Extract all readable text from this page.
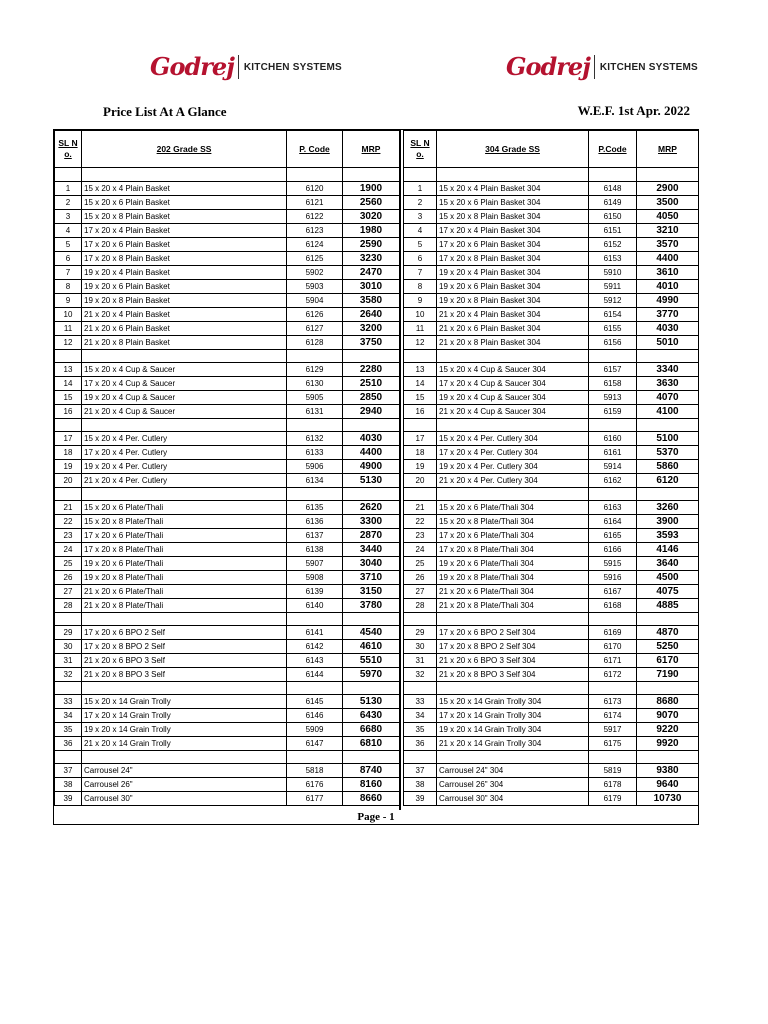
Godrej KITCHEN SYSTEMS	Godrej KITCHEN SYSTEMS
Price List At A Glance	W.E.F. 1st Apr. 2022
SL N o.	202 Grade SS	P. Code	MRP

1	15 x 20 x 4 Plain Basket	6120	1900
2	15 x 20 x 6 Plain Basket	6121	2560
3	15 x 20 x 8 Plain Basket	6122	3020
4	17 x 20 x 4 Plain Basket	6123	1980
5	17 x 20 x 6 Plain Basket	6124	2590
6	17 x 20 x 8 Plain Basket	6125	3230
7	19 x 20 x 4 Plain Basket	5902	2470
8	19 x 20 x 6 Plain Basket	5903	3010
9	19 x 20 x 8 Plain Basket	5904	3580
10	21 x 20 x 4 Plain Basket	6126	2640
11	21 x 20 x 6 Plain Basket	6127	3200
12	21 x 20 x 8 Plain Basket	6128	3750

13	15 x 20 x 4 Cup & Saucer	6129	2280
14	17 x 20 x 4 Cup & Saucer	6130	2510
15	19 x 20 x 4 Cup & Saucer	5905	2850
16	21 x 20 x 4 Cup & Saucer	6131	2940

17	15 x 20 x 4 Per. Cutlery	6132	4030
18	17 x 20 x 4 Per. Cutlery	6133	4400
19	19 x 20 x 4 Per. Cutlery	5906	4900
20	21 x 20 x 4 Per. Cutlery	6134	5130

21	15 x 20 x 6 Plate/Thali	6135	2620
22	15 x 20 x 8 Plate/Thali	6136	3300
23	17 x 20 x 6 Plate/Thali	6137	2870
24	17 x 20 x 8 Plate/Thali	6138	3440
25	19 x 20 x 6 Plate/Thali	5907	3040
26	19 x 20 x 8 Plate/Thali	5908	3710
27	21 x 20 x 6 Plate/Thali	6139	3150
28	21 x 20 x 8 Plate/Thali	6140	3780

29	17 x 20 x 6 BPO 2 Self	6141	4540
30	17 x 20 x 8 BPO 2 Self	6142	4610
31	21 x 20 x 6 BPO 3 Self	6143	5510
32	21 x 20 x 8 BPO 3 Self	6144	5970

33	15 x 20 x 14 Grain Trolly	6145	5130
34	17 x 20 x 14 Grain Trolly	6146	6430
35	19 x 20 x 14 Grain Trolly	5909	6680
36	21 x 20 x 14 Grain Trolly	6147	6810

37	Carrousel 24"	5818	8740
38	Carrousel 26"	6176	8160
39	Carrousel 30"	6177	8660
SL N o.	304 Grade SS	P.Code	MRP

1	15 x 20 x 4 Plain Basket 304	6148	2900
2	15 x 20 x 6 Plain Basket 304	6149	3500
3	15 x 20 x 8 Plain Basket 304	6150	4050
4	17 x 20 x 4 Plain Basket 304	6151	3210
5	17 x 20 x 6 Plain Basket 304	6152	3570
6	17 x 20 x 8 Plain Basket 304	6153	4400
7	19 x 20 x 4 Plain Basket 304	5910	3610
8	19 x 20 x 6 Plain Basket 304	5911	4010
9	19 x 20 x 8 Plain Basket 304	5912	4990
10	21 x 20 x 4 Plain Basket 304	6154	3770
11	21 x 20 x 6 Plain Basket 304	6155	4030
12	21 x 20 x 8 Plain Basket 304	6156	5010

13	15 x 20 x 4 Cup & Saucer 304	6157	3340
14	17 x 20 x 4 Cup & Saucer 304	6158	3630
15	19 x 20 x 4 Cup & Saucer 304	5913	4070
16	21 x 20 x 4 Cup & Saucer 304	6159	4100

17	15 x 20 x 4 Per. Cutlery 304	6160	5100
18	17 x 20 x 4 Per. Cutlery 304	6161	5370
19	19 x 20 x 4 Per. Cutlery 304	5914	5860
20	21 x 20 x 4 Per. Cutlery 304	6162	6120

21	15 x 20 x 6 Plate/Thali 304	6163	3260
22	15 x 20 x 8 Plate/Thali 304	6164	3900
23	17 x 20 x 6 Plate/Thali 304	6165	3593
24	17 x 20 x 8 Plate/Thali 304	6166	4146
25	19 x 20 x 6 Plate/Thali 304	5915	3640
26	19 x 20 x 8 Plate/Thali 304	5916	4500
27	21 x 20 x 6 Plate/Thali 304	6167	4075
28	21 x 20 x 8 Plate/Thali 304	6168	4885

29	17 x 20 x 6 BPO 2 Self 304	6169	4870
30	17 x 20 x 8 BPO 2 Self 304	6170	5250
31	21 x 20 x 6 BPO 3 Self 304	6171	6170
32	21 x 20 x 8 BPO 3 Self 304	6172	7190

33	15 x 20 x 14 Grain Trolly 304	6173	8680
34	17 x 20 x 14 Grain Trolly 304	6174	9070
35	19 x 20 x 14 Grain Trolly 304	5917	9220
36	21 x 20 x 14 Grain Trolly 304	6175	9920

37	Carrousel 24" 304	5819	9380
38	Carrousel 26" 304	6178	9640
39	Carrousel 30" 304	6179	10730
Page - 1
